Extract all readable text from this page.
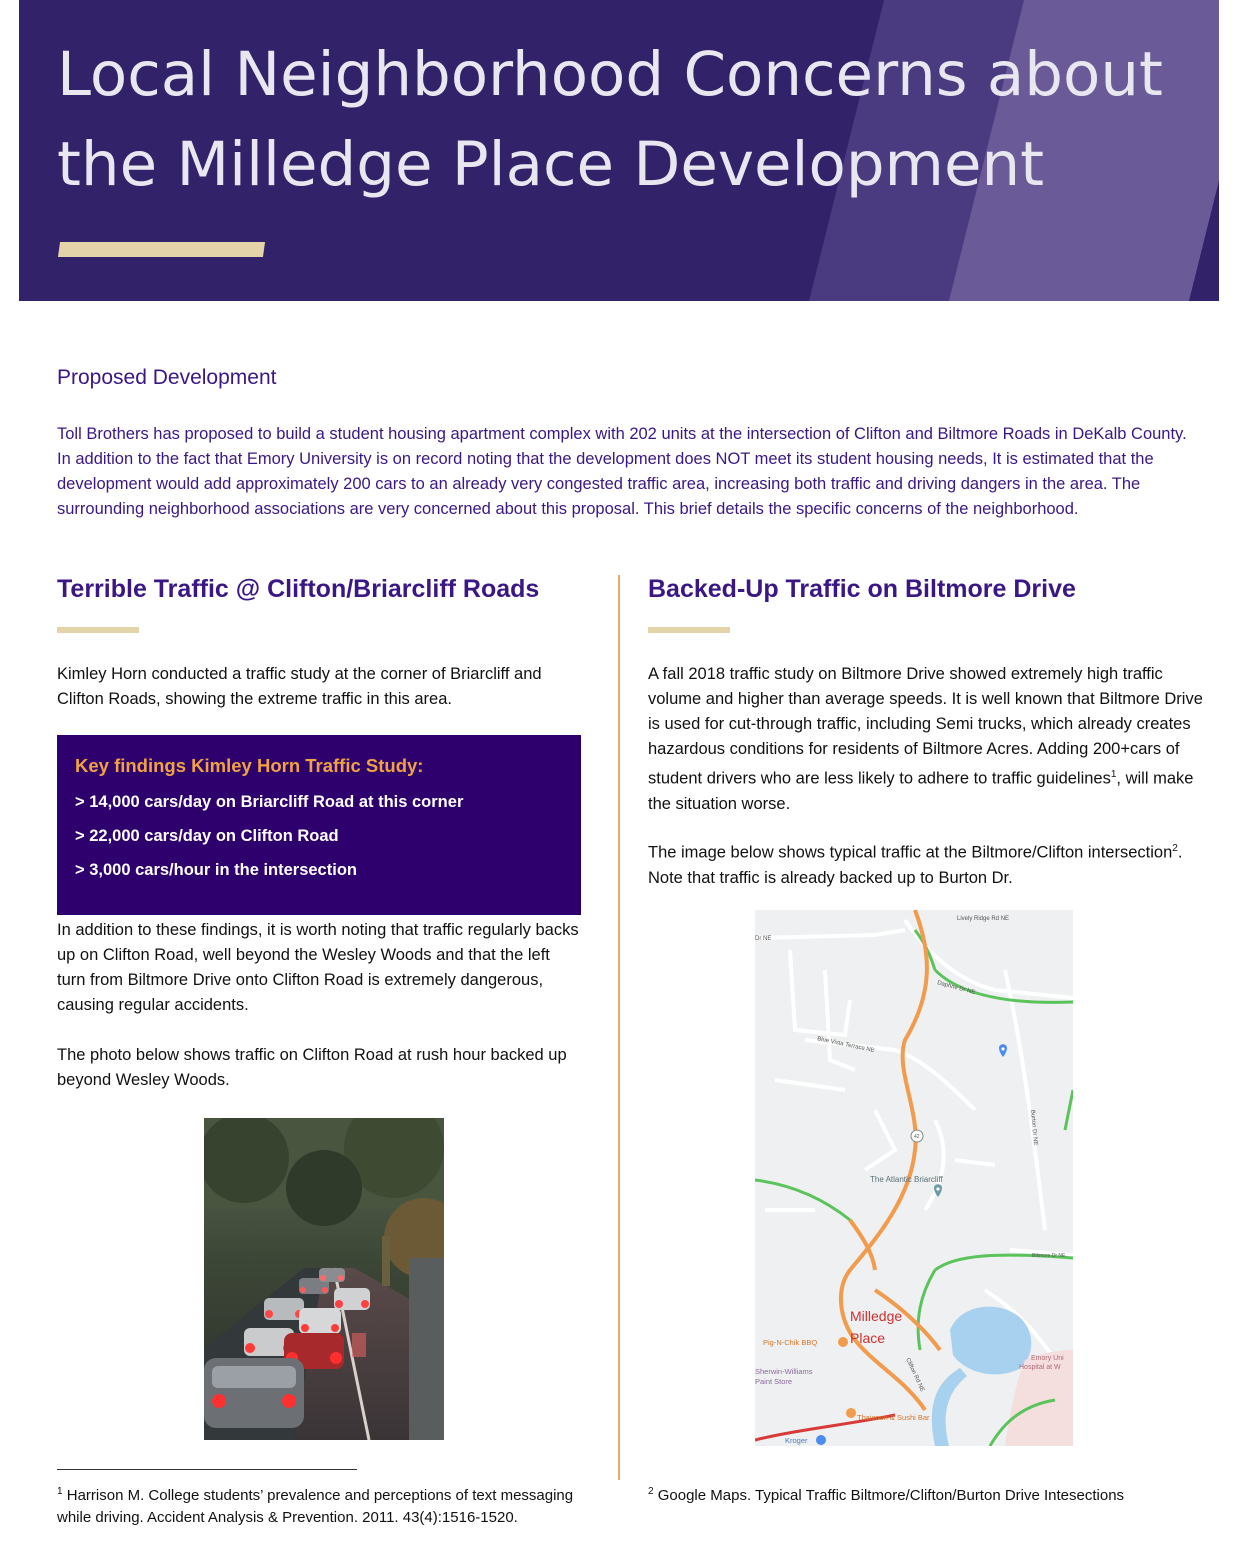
Local Neighborhood Concerns about the Milledge Place Development
Proposed Development

Toll Brothers has proposed to build a student housing apartment complex with 202 units at the intersection of Clifton and Biltmore Roads in DeKalb County. In addition to the fact that Emory University is on record noting that the development does NOT meet its student housing needs, It is estimated that the development would add approximately 200 cars to an already very congested traffic area, increasing both traffic and driving dangers in the area. The surrounding neighborhood associations are very concerned about this proposal. This brief details the specific concerns of the neighborhood.

Terrible Traffic @ Clifton/Briarcliff Roads	Backed-Up Traffic on Biltmore Drive

Kimley Horn conducted a traffic study at the corner of Briarcliff and Clifton Roads, showing the extreme traffic in this area.

Key findings Kimley Horn Traffic Study:
> 14,000 cars/day on Briarcliff Road at this corner
> 22,000 cars/day on Clifton Road
> 3,000 cars/hour in the intersection

In addition to these findings, it is worth noting that traffic regularly backs up on Clifton Road, well beyond the Wesley Woods and that the left turn from Biltmore Drive onto Clifton Road is extremely dangerous, causing regular accidents.

The photo below shows traffic on Clifton Road at rush hour backed up beyond Wesley Woods.

$^1$ Harrison M. College students’ prevalence and perceptions of text messaging while driving. Accident Analysis & Prevention. 2011. 43(4):1516-1520.

A fall 2018 traffic study on Biltmore Drive showed extremely high traffic volume and higher than average speeds. It is well known that Biltmore Drive is used for cut-through traffic, including Semi trucks, which already creates hazardous conditions for residents of Biltmore Acres. Adding 200+cars of student drivers who are less likely to adhere to traffic guidelines$^1$, will make the situation worse.

The image below shows typical traffic at the Biltmore/Clifton intersection$^2$. Note that traffic is already backed up to Burton Dr.

Lively Ridge Rd NE
Dr NE
Daphne Dr NE
Blue Vista Terrace NE
42	Burton Dr NE
Biltmore Dr NE
Clifton Rd NE
The Atlantic Briarcliff
Milledge
Place
Pig-N-Chik BBQ
Thaicoon & Sushi Bar
Sherwin-Williams
Paint Store
Emory Uni
Hospital at W
Kroger

$^2$ Google Maps. Typical Traffic Biltmore/Clifton/Burton Drive Intesections
